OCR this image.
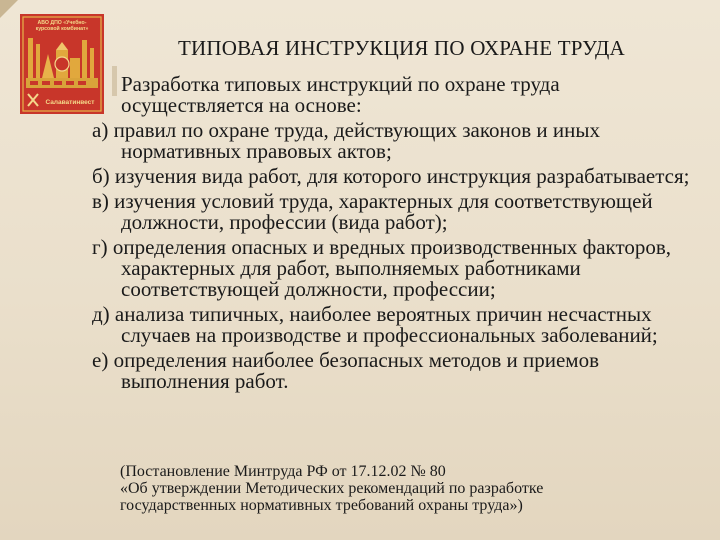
АВО ДПО «Учебно-
курсовой комбинат»
Салаватинвест
ТИПОВАЯ ИНСТРУКЦИЯ ПО ОХРАНЕ ТРУДА

Разработка типовых инструкций по охране труда осуществляется на основе:

а) правил по охране труда, действующих законов и иных нормативных правовых актов;
б) изучения вида работ, для которого инструкция разрабатывается;
в) изучения условий труда, характерных для соответствующей должности, профессии (вида работ);
г) определения опасных и вредных производственных факторов, характерных для работ, выполняемых работниками соответствующей должности, профессии;
д) анализа типичных, наиболее вероятных причин несчастных случаев на производстве и профессиональных заболеваний;
е) определения наиболее безопасных методов и приемов выполнения работ.
(Постановление Минтруда РФ от 17.12.02 № 80
«Об утверждении Методических рекомендаций по разработке
государственных нормативных требований охраны труда»)
